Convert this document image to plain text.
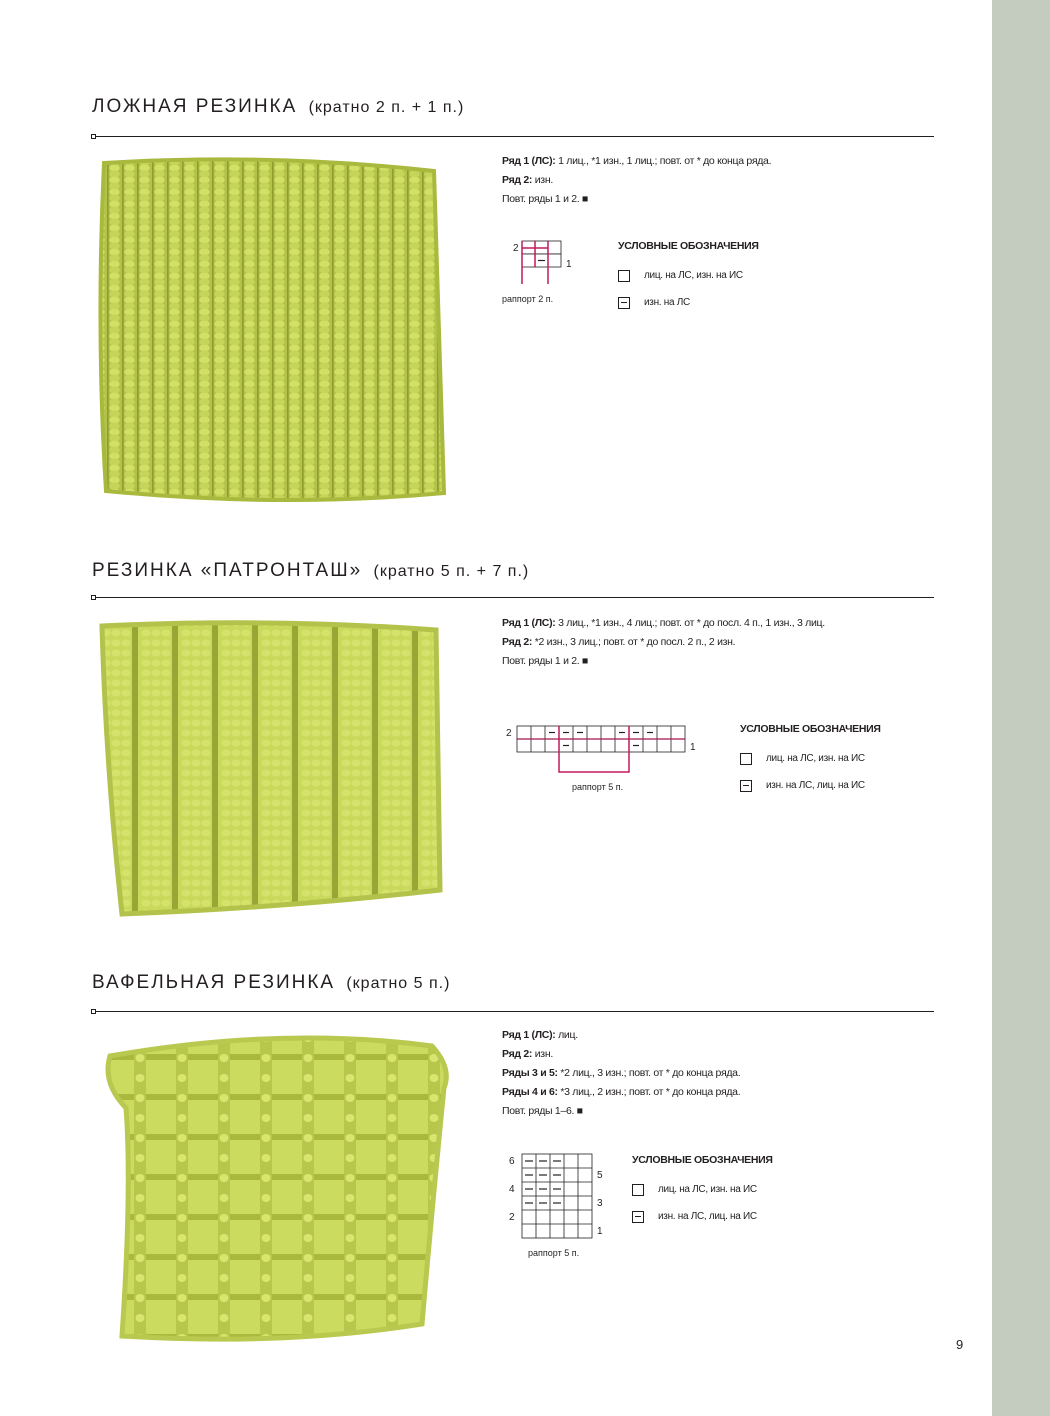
ЛОЖНАЯ РЕЗИНКА (кратно 2 п. + 1 п.)
Ряд 1 (ЛС): 1 лиц., *1 изн., 1 лиц.; повт. от * до конца ряда.
Ряд 2: изн.
Повт. ряды 1 и 2. ■
2
1
раппорт 2 п.
УСЛОВНЫЕ ОБОЗНАЧЕНИЯ
лиц. на ЛС, изн. на ИС
изн. на ЛС
РЕЗИНКА «ПАТРОНТАШ» (кратно 5 п. + 7 п.)
Ряд 1 (ЛС): 3 лиц., *1 изн., 4 лиц.; повт. от * до посл. 4 п., 1 изн., 3 лиц.
Ряд 2: *2 изн., 3 лиц.; повт. от * до посл. 2 п., 2 изн.
Повт. ряды 1 и 2. ■
2
1
раппорт 5 п.
УСЛОВНЫЕ ОБОЗНАЧЕНИЯ
лиц. на ЛС, изн. на ИС
изн. на ЛС, лиц. на ИС
ВАФЕЛЬНАЯ РЕЗИНКА (кратно 5 п.)
Ряд 1 (ЛС): лиц.
Ряд 2: изн.
Ряды 3 и 5: *2 лиц., 3 изн.; повт. от * до конца ряда.
Ряды 4 и 6: *3 лиц., 2 изн.; повт. от * до конца ряда.
Повт. ряды 1–6. ■
6
4
2
5
3
1
раппорт 5 п.
УСЛОВНЫЕ ОБОЗНАЧЕНИЯ
лиц. на ЛС, изн. на ИС
изн. на ЛС, лиц. на ИС
9
